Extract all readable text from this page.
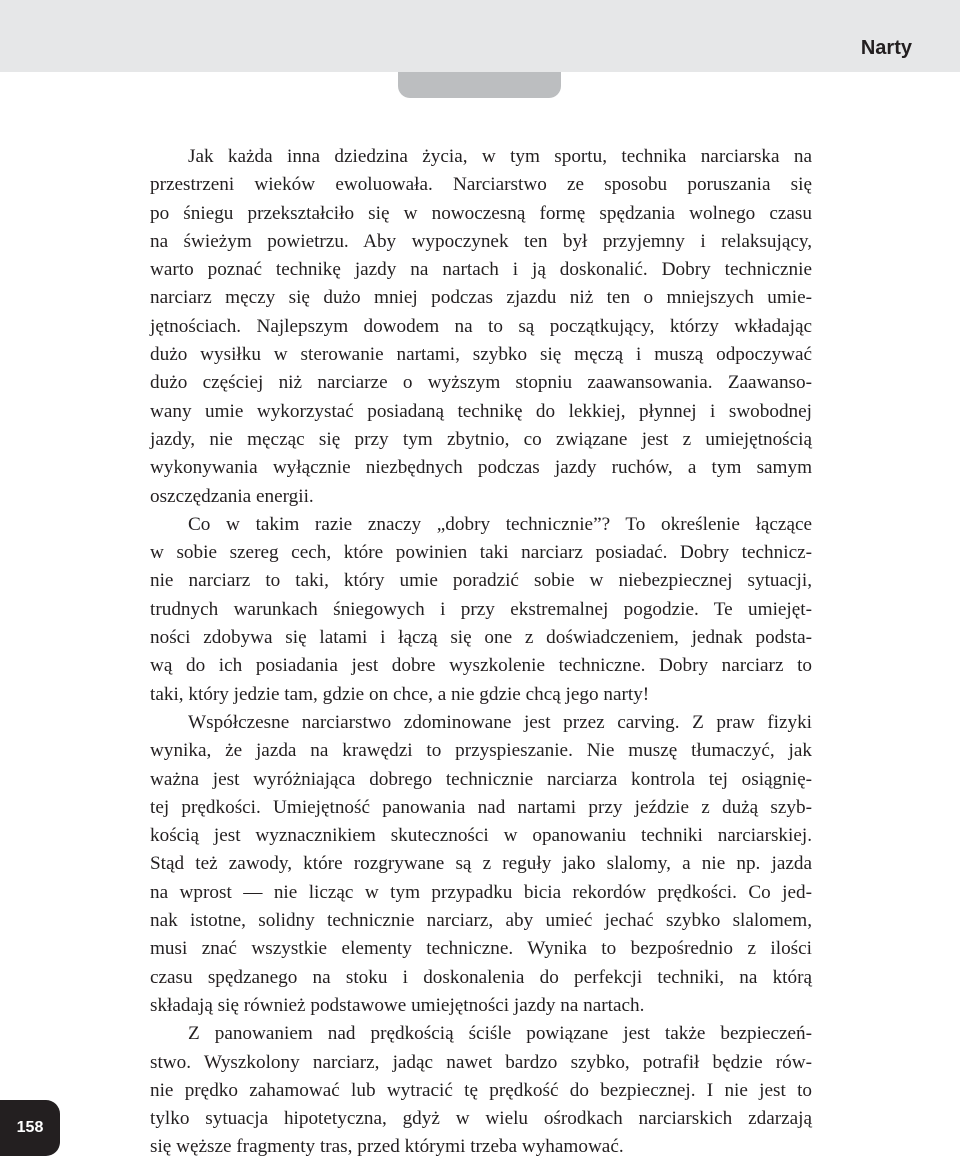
Narty

Jak każda inna dziedzina życia, w tym sportu, technika narciarska na
przestrzeni wieków ewoluowała. Narciarstwo ze sposobu poruszania się
po śniegu przekształciło się w nowoczesną formę spędzania wolnego czasu
na świeżym powietrzu. Aby wypoczynek ten był przyjemny i relaksujący,
warto poznać technikę jazdy na nartach i ją doskonalić. Dobry technicznie
narciarz męczy się dużo mniej podczas zjazdu niż ten o mniejszych umie-
jętnościach. Najlepszym dowodem na to są początkujący, którzy wkładając
dużo wysiłku w sterowanie nartami, szybko się męczą i muszą odpoczywać
dużo częściej niż narciarze o wyższym stopniu zaawansowania. Zaawanso-
wany umie wykorzystać posiadaną technikę do lekkiej, płynnej i swobodnej
jazdy, nie męcząc się przy tym zbytnio, co związane jest z umiejętnością
wykonywania wyłącznie niezbędnych podczas jazdy ruchów, a tym samym
oszczędzania energii.

Co w takim razie znaczy „dobry technicznie”? To określenie łączące
w sobie szereg cech, które powinien taki narciarz posiadać. Dobry technicz-
nie narciarz to taki, który umie poradzić sobie w niebezpiecznej sytuacji,
trudnych warunkach śniegowych i przy ekstremalnej pogodzie. Te umiejęt-
ności zdobywa się latami i łączą się one z doświadczeniem, jednak podsta-
wą do ich posiadania jest dobre wyszkolenie techniczne. Dobry narciarz to
taki, który jedzie tam, gdzie on chce, a nie gdzie chcą jego narty!

Współczesne narciarstwo zdominowane jest przez carving. Z praw fizyki
wynika, że jazda na krawędzi to przyspieszanie. Nie muszę tłumaczyć, jak
ważna jest wyróżniająca dobrego technicznie narciarza kontrola tej osiągnię-
tej prędkości. Umiejętność panowania nad nartami przy jeździe z dużą szyb-
kością jest wyznacznikiem skuteczności w opanowaniu techniki narciarskiej.
Stąd też zawody, które rozgrywane są z reguły jako slalomy, a nie np. jazda
na wprost — nie licząc w tym przypadku bicia rekordów prędkości. Co jed-
nak istotne, solidny technicznie narciarz, aby umieć jechać szybko slalomem,
musi znać wszystkie elementy techniczne. Wynika to bezpośrednio z ilości
czasu spędzanego na stoku i doskonalenia do perfekcji techniki, na którą
składają się również podstawowe umiejętności jazdy na nartach.

Z panowaniem nad prędkością ściśle powiązane jest także bezpieczeń-
stwo. Wyszkolony narciarz, jadąc nawet bardzo szybko, potrafił będzie rów-
nie prędko zahamować lub wytracić tę prędkość do bezpiecznej. I nie jest to
tylko sytuacja hipotetyczna, gdyż w wielu ośrodkach narciarskich zdarzają
się węższe fragmenty tras, przed którymi trzeba wyhamować.

158
